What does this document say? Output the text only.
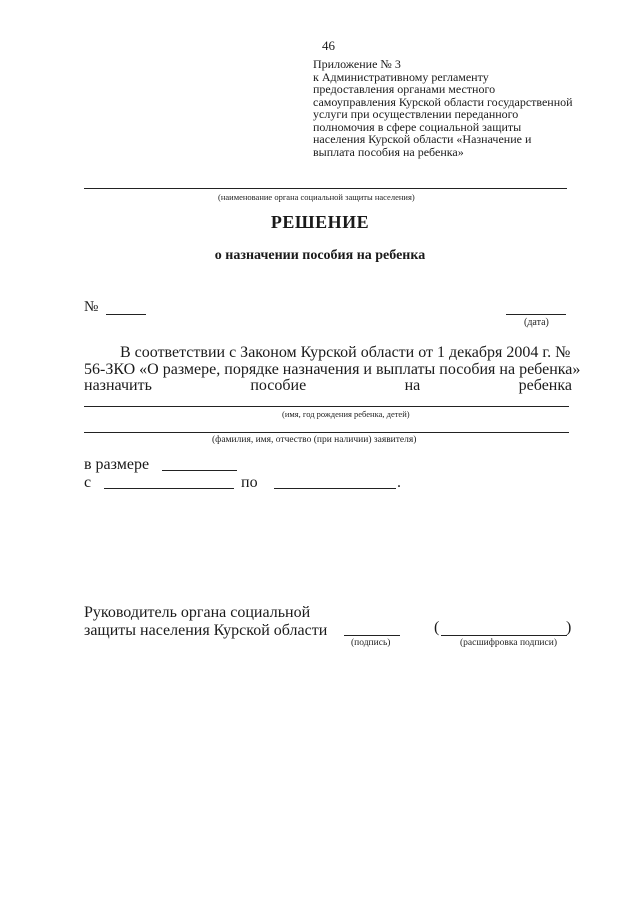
46
Приложение № 3
к Административному регламенту
предоставления органами местного
самоуправления Курской области государственной
услуги при осуществлении переданного
полномочия в сфере социальной защиты
населения Курской области «Назначение и
выплата пособия на ребенка»
(наименование органа социальной защиты населения)
РЕШЕНИЕ
о назначении пособия на ребенка
№
(дата)
В соответствии с Законом Курской области от 1 декабря 2004 г. №
56-ЗКО «О размере, порядке назначения и выплаты пособия на ребенка»
назначить	пособие	на	ребенка
(имя, год рождения ребенка, детей)
(фамилия, имя, отчество (при наличии) заявителя)
в размере
с	по	.
Руководитель органа социальной
защиты населения Курской области
(подпись)
(	)
(расшифровка подписи)
